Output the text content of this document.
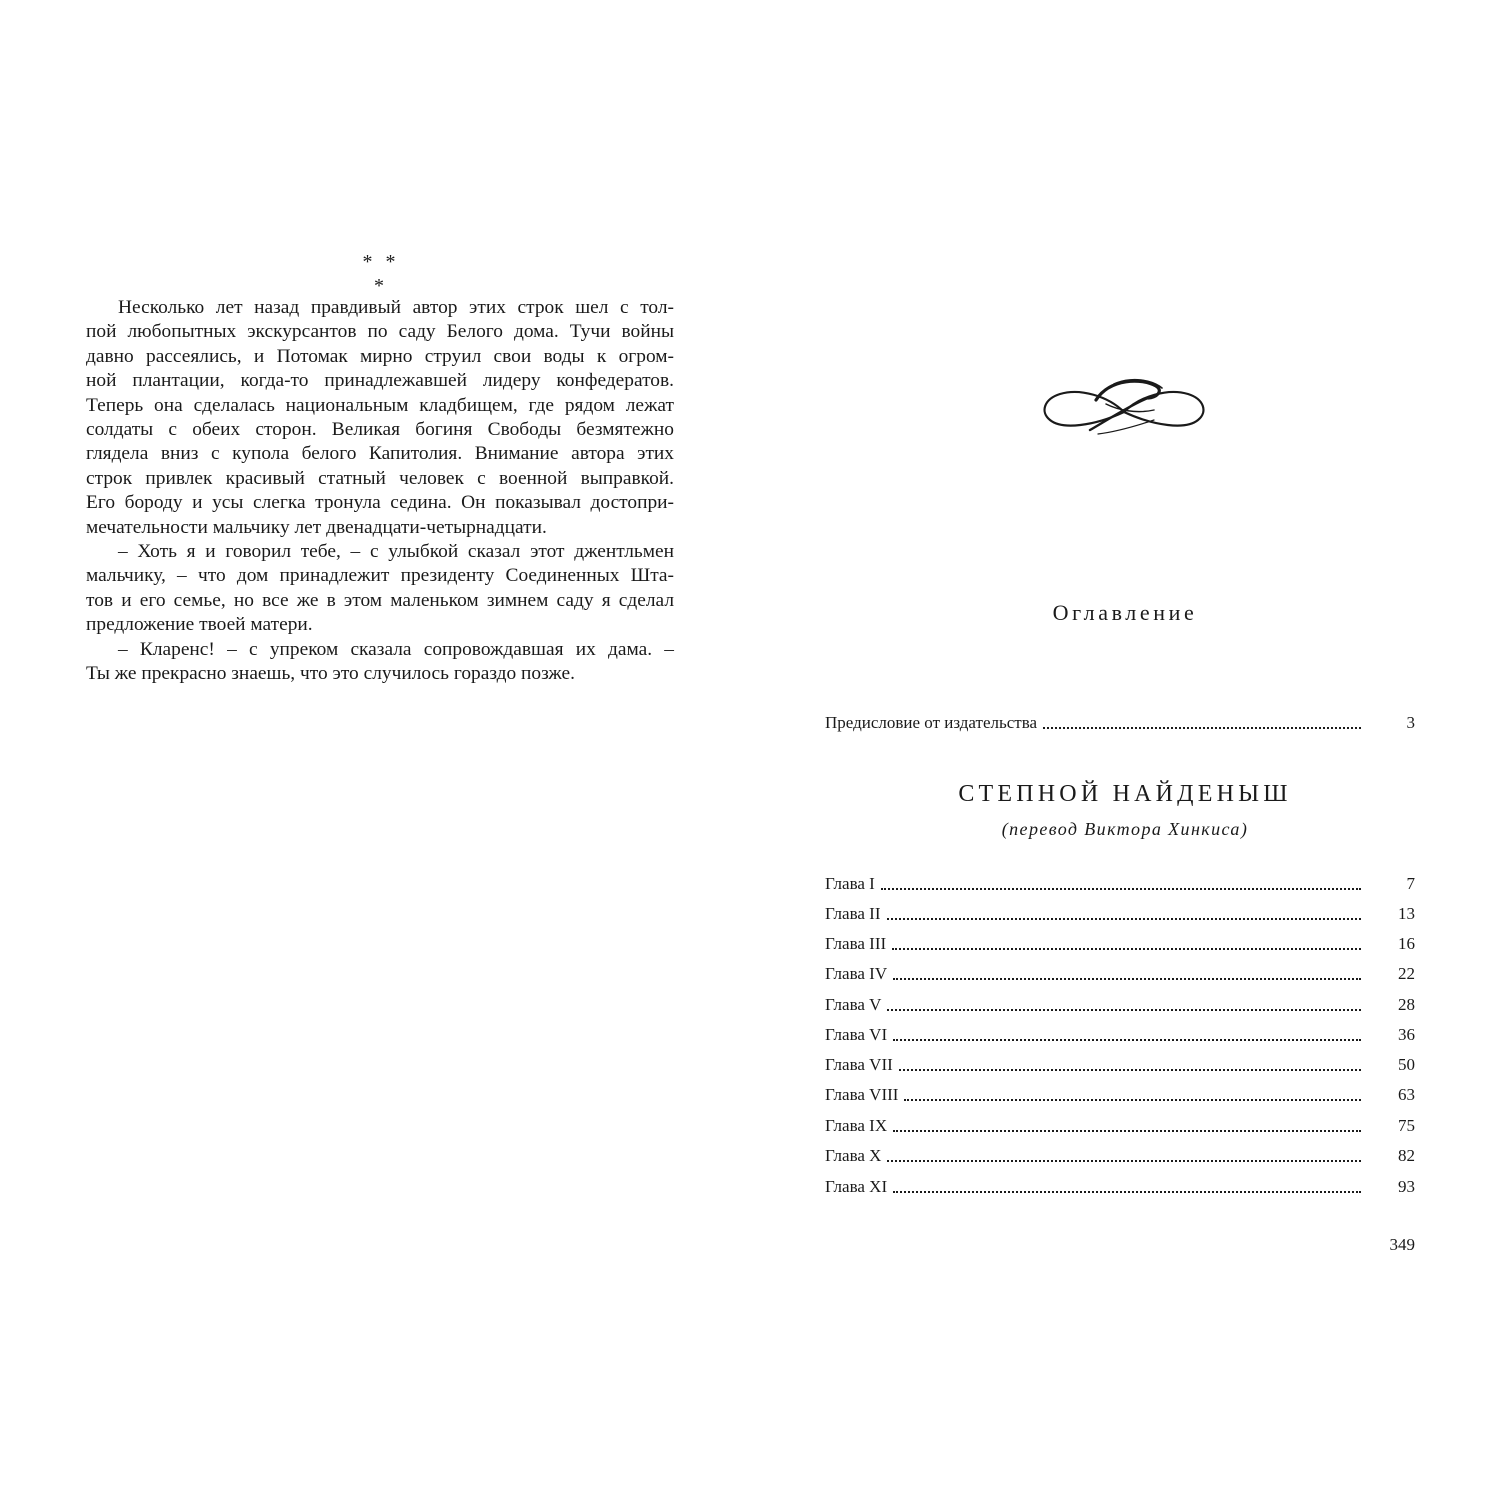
* * *
Несколько лет назад правдивый автор этих строк шел с тол-
пой любопытных экскурсантов по саду Белого дома. Тучи войны
давно рассеялись, и Потомак мирно струил свои воды к огром-
ной плантации, когда-то принадлежавшей лидеру конфедератов.
Теперь она сделалась национальным кладбищем, где рядом лежат
солдаты с обеих сторон. Великая богиня Свободы безмятежно
глядела вниз с купола белого Капитолия. Внимание автора этих
строк привлек красивый статный человек с военной выправкой.
Его бороду и усы слегка тронула седина. Он показывал достопри-
мечательности мальчику лет двенадцати-четырнадцати.
– Хоть я и говорил тебе, – с улыбкой сказал этот джентльмен
мальчику, – что дом принадлежит президенту Соединенных Шта-
тов и его семье, но все же в этом маленьком зимнем саду я сделал
предложение твоей матери.
– Кларенс! – с упреком сказала сопровождавшая их дама. –
Ты же прекрасно знаешь, что это случилось гораздо позже.
Оглавление
Предисловие от издательства	3
СТЕПНОЙ НАЙДЕНЫШ
(перевод Виктора Хинкиса)
Глава I	7
Глава II	13
Глава III	16
Глава IV	22
Глава V	28
Глава VI	36
Глава VII	50
Глава VIII	63
Глава IX	75
Глава X	82
Глава XI	93
349
